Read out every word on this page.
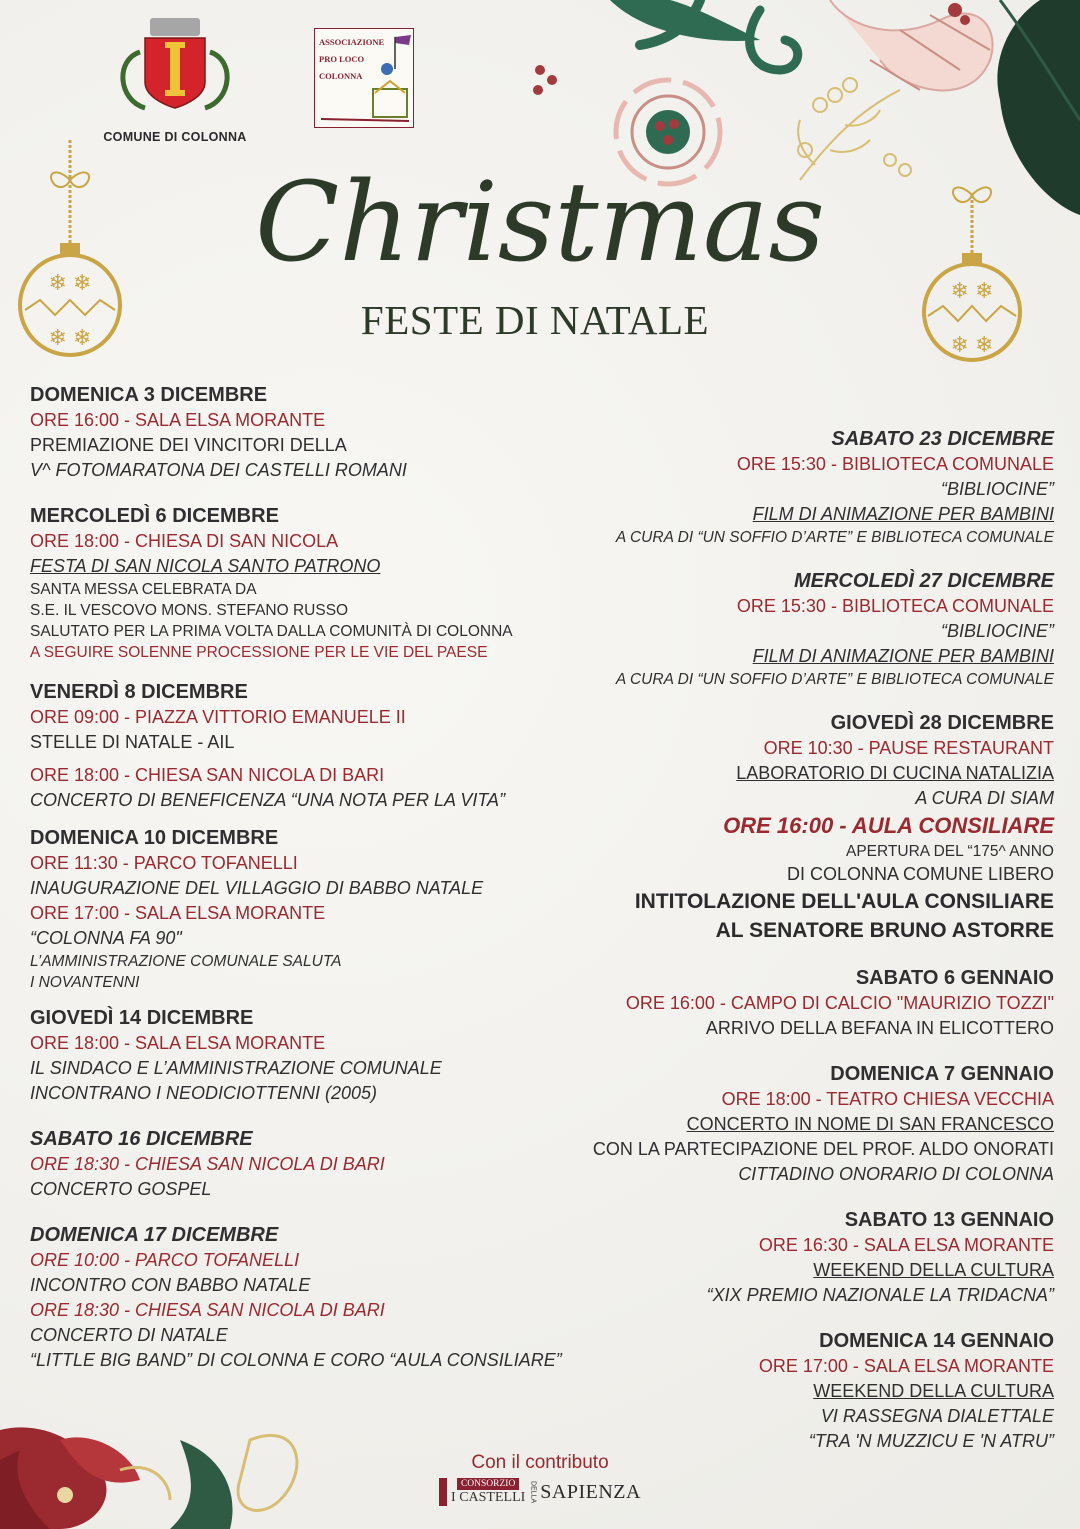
❄ ❄
❄ ❄
❄ ❄
❄ ❄
COMUNE DI COLONNA
ASSOCIAZIONE
PRO LOCO
COLONNA
Christmas
FESTE DI NATALE
DOMENICA 3 DICEMBRE
ORE 16:00 - SALA ELSA MORANTE
PREMIAZIONE DEI VINCITORI DELLA
V^ FOTOMARATONA DEI CASTELLI ROMANI
MERCOLEDÌ 6 DICEMBRE
ORE 18:00 - CHIESA DI SAN NICOLA
FESTA DI SAN NICOLA SANTO PATRONO
SANTA MESSA CELEBRATA DA
S.E. IL VESCOVO MONS. STEFANO RUSSO
SALUTATO PER LA PRIMA VOLTA DALLA COMUNITÀ DI COLONNA
A SEGUIRE SOLENNE PROCESSIONE PER LE VIE DEL PAESE
VENERDÌ 8 DICEMBRE
ORE 09:00 - PIAZZA VITTORIO EMANUELE II
STELLE DI NATALE - AIL
ORE 18:00 - CHIESA SAN NICOLA DI BARI
CONCERTO DI BENEFICENZA “UNA NOTA PER LA VITA”
DOMENICA 10 DICEMBRE
ORE 11:30 - PARCO TOFANELLI
INAUGURAZIONE DEL VILLAGGIO DI BABBO NATALE
ORE 17:00 - SALA ELSA MORANTE
“COLONNA FA 90"
L’AMMINISTRAZIONE COMUNALE SALUTA
I NOVANTENNI
GIOVEDÌ 14 DICEMBRE
ORE 18:00 - SALA ELSA MORANTE
IL SINDACO E L’AMMINISTRAZIONE COMUNALE
INCONTRANO I NEODICIOTTENNI (2005)
SABATO 16 DICEMBRE
ORE 18:30 - CHIESA SAN NICOLA DI BARI
CONCERTO GOSPEL
DOMENICA 17 DICEMBRE
ORE 10:00 - PARCO TOFANELLI
INCONTRO CON BABBO NATALE
ORE 18:30 - CHIESA SAN NICOLA DI BARI
CONCERTO DI NATALE
“LITTLE BIG BAND” DI COLONNA E CORO “AULA CONSILIARE”
SABATO 23 DICEMBRE
ORE 15:30 - BIBLIOTECA COMUNALE
“BIBLIOCINE”
FILM DI ANIMAZIONE PER BAMBINI
A CURA DI “UN SOFFIO D’ARTE” E BIBLIOTECA COMUNALE
MERCOLEDÌ 27 DICEMBRE
ORE 15:30 - BIBLIOTECA COMUNALE
“BIBLIOCINE”
FILM DI ANIMAZIONE PER BAMBINI
A CURA DI “UN SOFFIO D’ARTE” E BIBLIOTECA COMUNALE
GIOVEDÌ 28 DICEMBRE
ORE 10:30 - PAUSE RESTAURANT
LABORATORIO DI CUCINA NATALIZIA
A CURA DI SIAM
ORE 16:00 - AULA CONSILIARE
APERTURA DEL “175^ ANNO
DI COLONNA COMUNE LIBERO
INTITOLAZIONE DELL'AULA CONSILIARE
AL SENATORE BRUNO ASTORRE
SABATO 6 GENNAIO
ORE 16:00 - CAMPO DI CALCIO "MAURIZIO TOZZI"
ARRIVO DELLA BEFANA IN ELICOTTERO
DOMENICA 7 GENNAIO
ORE 18:00 - TEATRO CHIESA VECCHIA
CONCERTO IN NOME DI SAN FRANCESCO
CON LA PARTECIPAZIONE DEL PROF. ALDO ONORATI
CITTADINO ONORARIO DI COLONNA
SABATO 13 GENNAIO
ORE 16:30 - SALA ELSA MORANTE
WEEKEND DELLA CULTURA
“XIX PREMIO NAZIONALE LA TRIDACNA”
DOMENICA 14 GENNAIO
ORE 17:00 - SALA ELSA MORANTE
WEEKEND DELLA CULTURA
VI RASSEGNA DIALETTALE
“TRA 'N MUZZICU E 'N ATRU”
Con il contributo
CONSORZIO
I CASTELLI DELLA SAPIENZA
